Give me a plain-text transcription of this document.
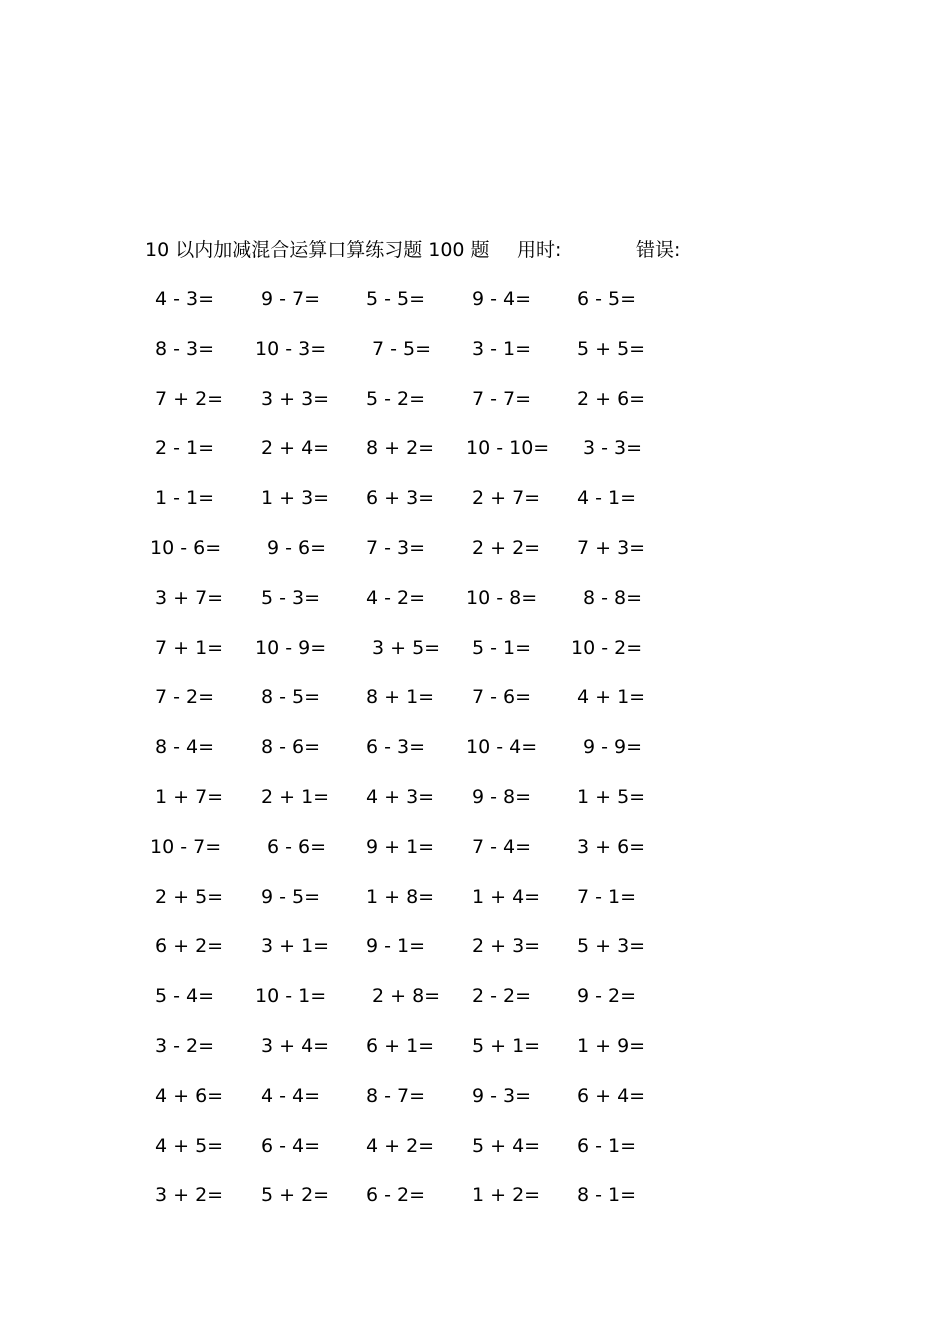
10 以内加减混合运算口算练习题 100 题 用时:	错误:
4 - 3= 9 - 7= 5 - 5= 9 - 4= 6 - 5=
8 - 3= 10 - 3= 7 - 5= 3 - 1= 5 + 5=
7 + 2= 3 + 3= 5 - 2= 7 - 7= 2 + 6=
2 - 1= 2 + 4= 8 + 2= 10 - 10= 3 - 3=
1 - 1= 1 + 3= 6 + 3= 2 + 7= 4 - 1=
10 - 6= 9 - 6= 7 - 3= 2 + 2= 7 + 3=
3 + 7= 5 - 3= 4 - 2= 10 - 8= 8 - 8=
7 + 1= 10 - 9= 3 + 5= 5 - 1= 10 - 2=
7 - 2= 8 - 5= 8 + 1= 7 - 6= 4 + 1=
8 - 4= 8 - 6= 6 - 3= 10 - 4= 9 - 9=
1 + 7= 2 + 1= 4 + 3= 9 - 8= 1 + 5=
10 - 7= 6 - 6= 9 + 1= 7 - 4= 3 + 6=
2 + 5= 9 - 5= 1 + 8= 1 + 4= 7 - 1=
6 + 2= 3 + 1= 9 - 1= 2 + 3= 5 + 3=
5 - 4= 10 - 1= 2 + 8= 2 - 2= 9 - 2=
3 - 2= 3 + 4= 6 + 1= 5 + 1= 1 + 9=
4 + 6= 4 - 4= 8 - 7= 9 - 3= 6 + 4=
4 + 5= 6 - 4= 4 + 2= 5 + 4= 6 - 1=
3 + 2= 5 + 2= 6 - 2= 1 + 2= 8 - 1=
